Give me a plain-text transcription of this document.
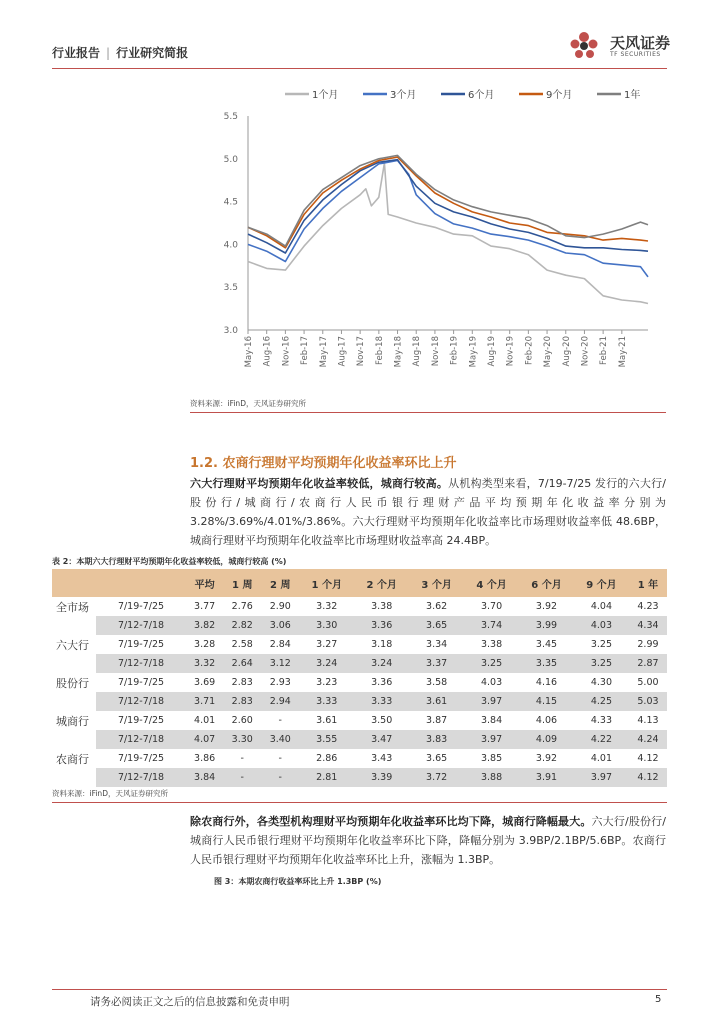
行业报告 | 行业研究简报
天风证券
TF SECURITIES
1个月	3个月	6个月	9个月	1年
3.0
3.5
4.0
4.5
5.0
5.5
May-16 Aug-16 Nov-16 Feb-17 May-17 Aug-17 Nov-17 Feb-18 May-18 Aug-18 Nov-18 Feb-19 May-19 Aug-19 Nov-19 Feb-20 May-20 Aug-20 Nov-20 Feb-21 May-21
资料来源：iFinD，天风证券研究所
1.2. 农商行理财平均预期年化收益率环比上升
六大行理财平均预期年化收益率较低，城商行较高。从机构类型来看，7/19-7/25 发行的六大行/股份行/城商行/农商行人民币银行理财产品平均预期年化收益率分别为 3.28%/3.69%/4.01%/3.86%。六大行理财平均预期年化收益率比市场理财收益率低 48.6BP，城商行理财平均预期年化收益率比市场理财收益率高 24.4BP。
表 2：本期六大行理财平均预期年化收益率较低，城商行较高 (%)
		平均	1 周	2 周	1 个月	2 个月	3 个月	4 个月	6 个月	9 个月	1 年
全市场	7/19-7/25	3.77	2.76	2.90	3.32	3.38	3.62	3.70	3.92	4.04	4.23
	7/12-7/18	3.82	2.82	3.06	3.30	3.36	3.65	3.74	3.99	4.03	4.34
六大行	7/19-7/25	3.28	2.58	2.84	3.27	3.18	3.34	3.38	3.45	3.25	2.99
	7/12-7/18	3.32	2.64	3.12	3.24	3.24	3.37	3.25	3.35	3.25	2.87
股份行	7/19-7/25	3.69	2.83	2.93	3.23	3.36	3.58	4.03	4.16	4.30	5.00
	7/12-7/18	3.71	2.83	2.94	3.33	3.33	3.61	3.97	4.15	4.25	5.03
城商行	7/19-7/25	4.01	2.60	-	3.61	3.50	3.87	3.84	4.06	4.33	4.13
	7/12-7/18	4.07	3.30	3.40	3.55	3.47	3.83	3.97	4.09	4.22	4.24
农商行	7/19-7/25	3.86	-	-	2.86	3.43	3.65	3.85	3.92	4.01	4.12
	7/12-7/18	3.84	-	-	2.81	3.39	3.72	3.88	3.91	3.97	4.12
资料来源：iFinD，天风证券研究所
除农商行外，各类型机构理财平均预期年化收益率环比均下降，城商行降幅最大。六大行/股份行/城商行人民币银行理财平均预期年化收益率环比下降，降幅分别为 3.9BP/2.1BP/5.6BP。农商行人民币银行理财平均预期年化收益率环比上升，涨幅为 1.3BP。
图 3：本期农商行收益率环比上升 1.3BP (%)
请务必阅读正文之后的信息披露和免责申明	5
